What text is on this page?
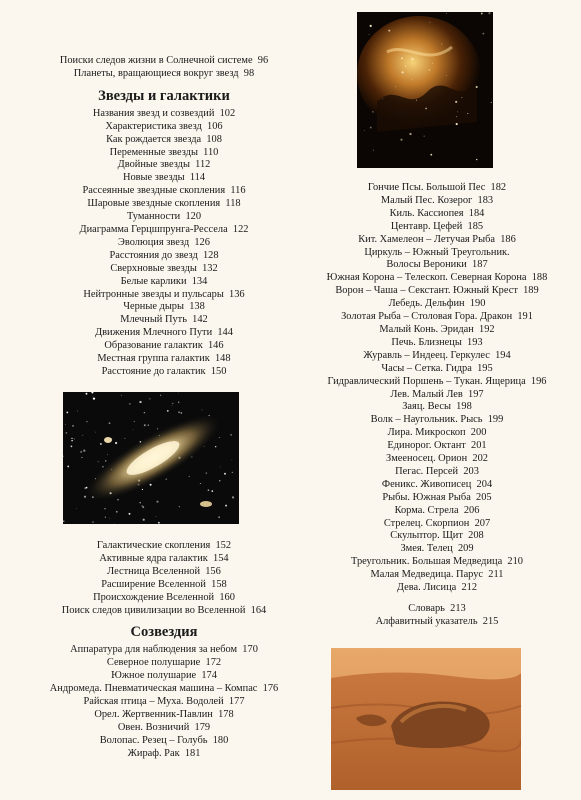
Поиски следов жизни в Солнечной системе 96
Планеты, вращающиеся вокруг звезд 98
Звезды и галактики
Названия звезд и созвездий 102
Характеристика звезд 106
Как рождается звезда 108
Переменные звезды 110
Двойные звезды 112
Новые звезды 114
Рассеянные звездные скопления 116
Шаровые звездные скопления 118
Туманности 120
Диаграмма Герцшпрунга-Рессела 122
Эволюция звезд 126
Расстояния до звезд 128
Сверхновые звезды 132
Белые карлики 134
Нейтронные звезды и пульсары 136
Черные дыры 138
Млечный Путь 142
Движения Млечного Пути 144
Образование галактик 146
Местная группа галактик 148
Расстояние до галактик 150
Галактические скопления 152
Активные ядра галактик 154
Лестница Вселенной 156
Расширение Вселенной 158
Происхождение Вселенной 160
Поиск следов цивилизации во Вселенной 164
Созвездия
Аппаратура для наблюдения за небом 170
Северное полушарие 172
Южное полушарие 174
Андромеда. Пневматическая машина – Компас 176
Райская птица – Муха. Водолей 177
Орел. Жертвенник-Павлин 178
Овен. Возничий 179
Волопас. Резец – Голубь 180
Жираф. Рак 181
Гончие Псы. Большой Пес 182
Малый Пес. Козерог 183
Киль. Кассиопея 184
Центавр. Цефей 185
Кит. Хамелеон – Летучая Рыба 186
Циркуль – Южный Треугольник.
Волосы Вероники 187
Южная Корона – Телескоп. Северная Корона 188
Ворон – Чаша – Секстант. Южный Крест 189
Лебедь. Дельфин 190
Золотая Рыба – Столовая Гора. Дракон 191
Малый Конь. Эридан 192
Печь. Близнецы 193
Журавль – Индеец. Геркулес 194
Часы – Сетка. Гидра 195
Гидравлический Поршень – Тукан. Ящерица 196
Лев. Малый Лев 197
Заяц. Весы 198
Волк – Наугольник. Рысь 199
Лира. Микроскоп 200
Единорог. Октант 201
Змееносец. Орион 202
Пегас. Персей 203
Феникс. Живописец 204
Рыбы. Южная Рыба 205
Корма. Стрела 206
Стрелец. Скорпион 207
Скульптор. Щит 208
Змея. Телец 209
Треугольник. Большая Медведица 210
Малая Медведица. Парус 211
Дева. Лисица 212
Словарь 213
Алфавитный указатель 215
